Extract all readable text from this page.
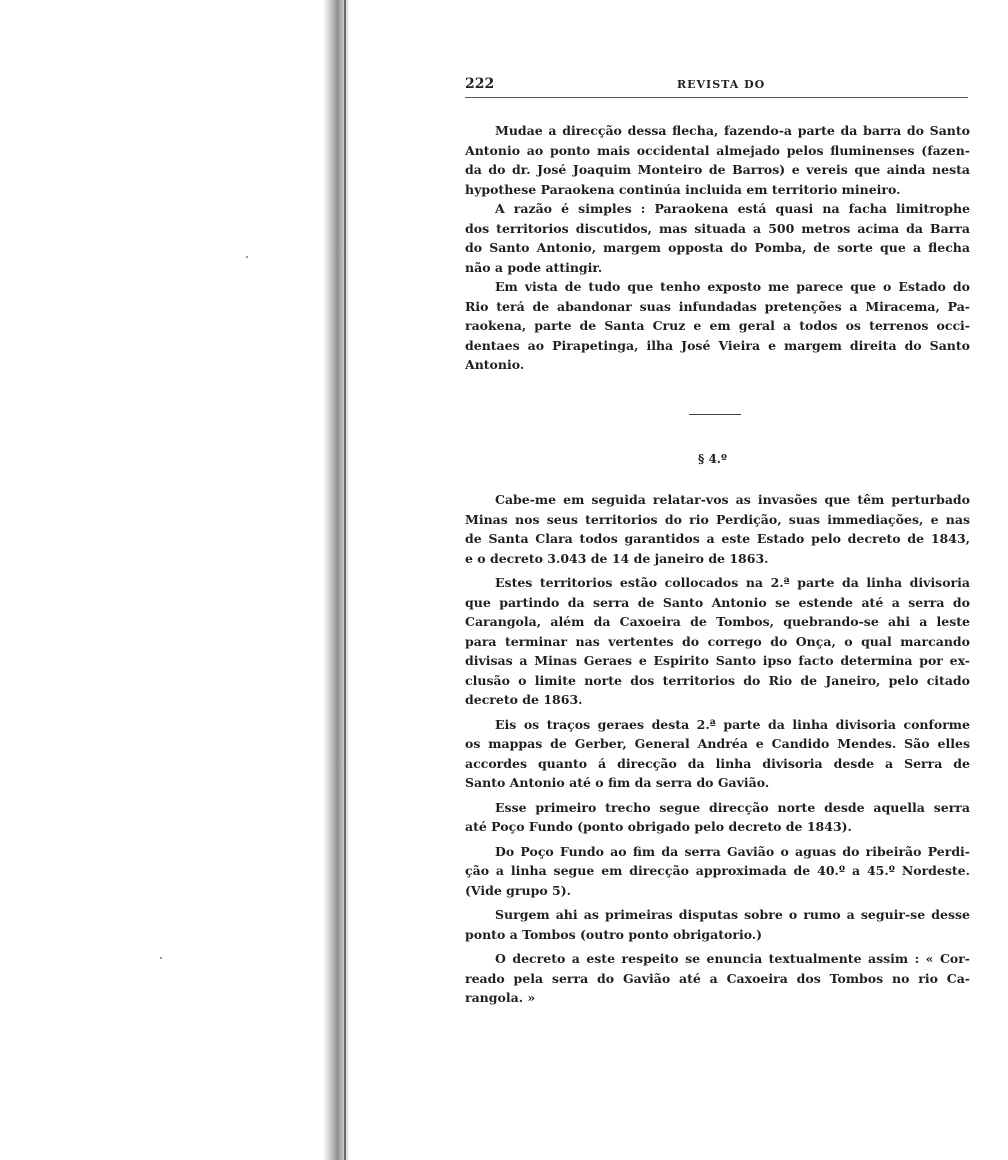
222	REVISTA DO
Mudae a direcção dessa flecha, fazendo-a parte da barra do Santo
Antonio ao ponto mais occidental almejado pelos fluminenses (fazen-
da do dr. José Joaquim Monteiro de Barros) e vereis que ainda nesta
hypothese Paraokena continúa incluida em territorio mineiro.
A razão é simples : Paraokena está quasi na facha limitrophe
dos territorios discutidos, mas situada a 500 metros acima da Barra
do Santo Antonio, margem opposta do Pomba, de sorte que a flecha
não a pode attingir.
Em vista de tudo que tenho exposto me parece que o Estado do
Rio terá de abandonar suas infundadas pretenções a Miracema, Pa-
raokena, parte de Santa Cruz e em geral a todos os terrenos occi-
dentaes ao Pirapetinga, ilha José Vieira e margem direita do Santo
Antonio.
§ 4.º
Cabe-me em seguida relatar-vos as invasões que têm perturbado
Minas nos seus territorios do rio Perdição, suas immediações, e nas
de Santa Clara todos garantidos a este Estado pelo decreto de 1843,
e o decreto 3.043 de 14 de janeiro de 1863.
Estes territorios estão collocados na 2.ª parte da linha divisoria
que partindo da serra de Santo Antonio se estende até a serra do
Carangola, além da Caxoeira de Tombos, quebrando-se ahi a leste
para terminar nas vertentes do corrego do Onça, o qual marcando
divisas a Minas Geraes e Espirito Santo ipso facto determina por ex-
clusão o limite norte dos territorios do Rio de Janeiro, pelo citado
decreto de 1863.
Eis os traços geraes desta 2.ª parte da linha divisoria conforme
os mappas de Gerber, General Andréa e Candido Mendes. São elles
accordes quanto á direcção da linha divisoria desde a Serra de
Santo Antonio até o fim da serra do Gavião.
Esse primeiro trecho segue direcção norte desde aquella serra
até Poço Fundo (ponto obrigado pelo decreto de 1843).
Do Poço Fundo ao fim da serra Gavião o aguas do ribeirão Perdi-
ção a linha segue em direcção approximada de 40.º a 45.º Nordeste.
(Vide grupo 5).
Surgem ahi as primeiras disputas sobre o rumo a seguir-se desse
ponto a Tombos (outro ponto obrigatorio.)
O decreto a este respeito se enuncia textualmente assim : « Cor-
reado pela serra do Gavião até a Caxoeira dos Tombos no rio Ca-
rangola. »
